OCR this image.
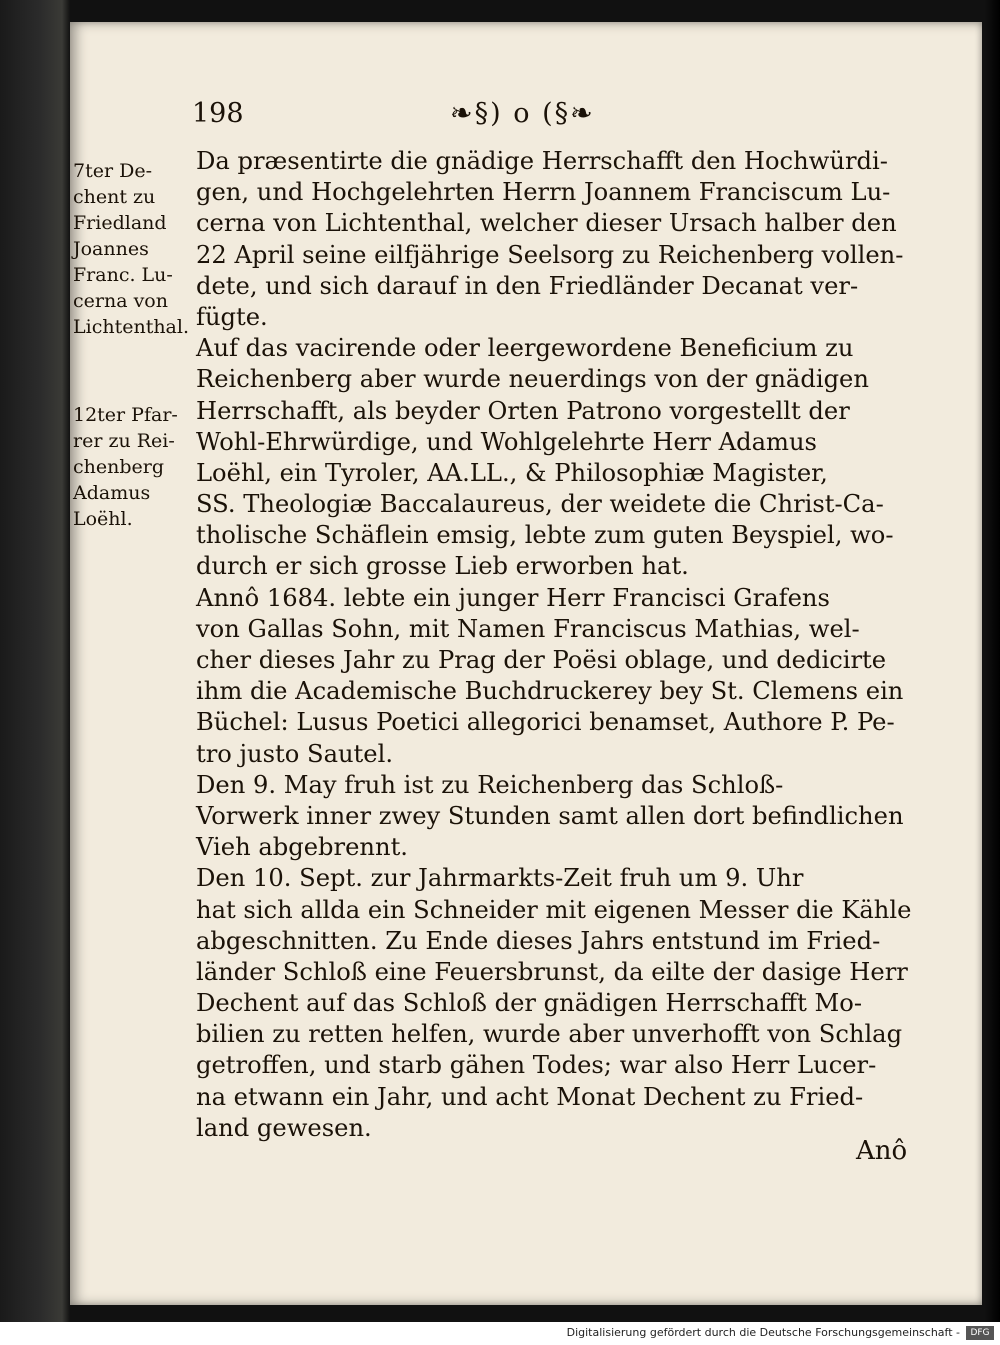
198	❧§) o (§❧
7ter De-
chent zu
Friedland
Joannes
Franc. Lu-
cerna von
Lichtenthal.
12ter Pfar-
rer zu Rei-
chenberg
Adamus
Loëhl.
Da præsentirte die gnädige Herrschafft den Hochwürdi-
gen, und Hochgelehrten Herrn Joannem Franciscum Lu-
cerna von Lichtenthal, welcher dieser Ursach halber den
22 April seine eilfjährige Seelsorg zu Reichenberg vollen-
dete, und sich darauf in den Friedländer Decanat ver-
fügte.
Auf das vacirende oder leergewordene Beneficium zu
Reichenberg aber wurde neuerdings von der gnädigen
Herrschafft, als beyder Orten Patrono vorgestellt der
Wohl-Ehrwürdige, und Wohlgelehrte Herr Adamus
Loëhl, ein Tyroler, AA.LL., & Philosophiæ Magister,
SS. Theologiæ Baccalaureus, der weidete die Christ-Ca-
tholische Schäflein emsig, lebte zum guten Beyspiel, wo-
durch er sich grosse Lieb erworben hat.
Annô 1684. lebte ein junger Herr Francisci Grafens
von Gallas Sohn, mit Namen Franciscus Mathias, wel-
cher dieses Jahr zu Prag der Poësi oblage, und dedicirte
ihm die Academische Buchdruckerey bey St. Clemens ein
Büchel: Lusus Poetici allegorici benamset, Authore P. Pe-
tro justo Sautel.
Den 9. May fruh ist zu Reichenberg das Schloß-
Vorwerk inner zwey Stunden samt allen dort befindlichen
Vieh abgebrennt.
Den 10. Sept. zur Jahrmarkts-Zeit fruh um 9. Uhr
hat sich allda ein Schneider mit eigenen Messer die Kähle
abgeschnitten. Zu Ende dieses Jahrs entstund im Fried-
länder Schloß eine Feuersbrunst, da eilte der dasige Herr
Dechent auf das Schloß der gnädigen Herrschafft Mo-
bilien zu retten helfen, wurde aber unverhofft von Schlag
getroffen, und starb gähen Todes; war also Herr Lucer-
na etwann ein Jahr, und acht Monat Dechent zu Fried-
land gewesen.
Anô
Digitalisierung gefördert durch die Deutsche Forschungsgemeinschaft -	DFG
